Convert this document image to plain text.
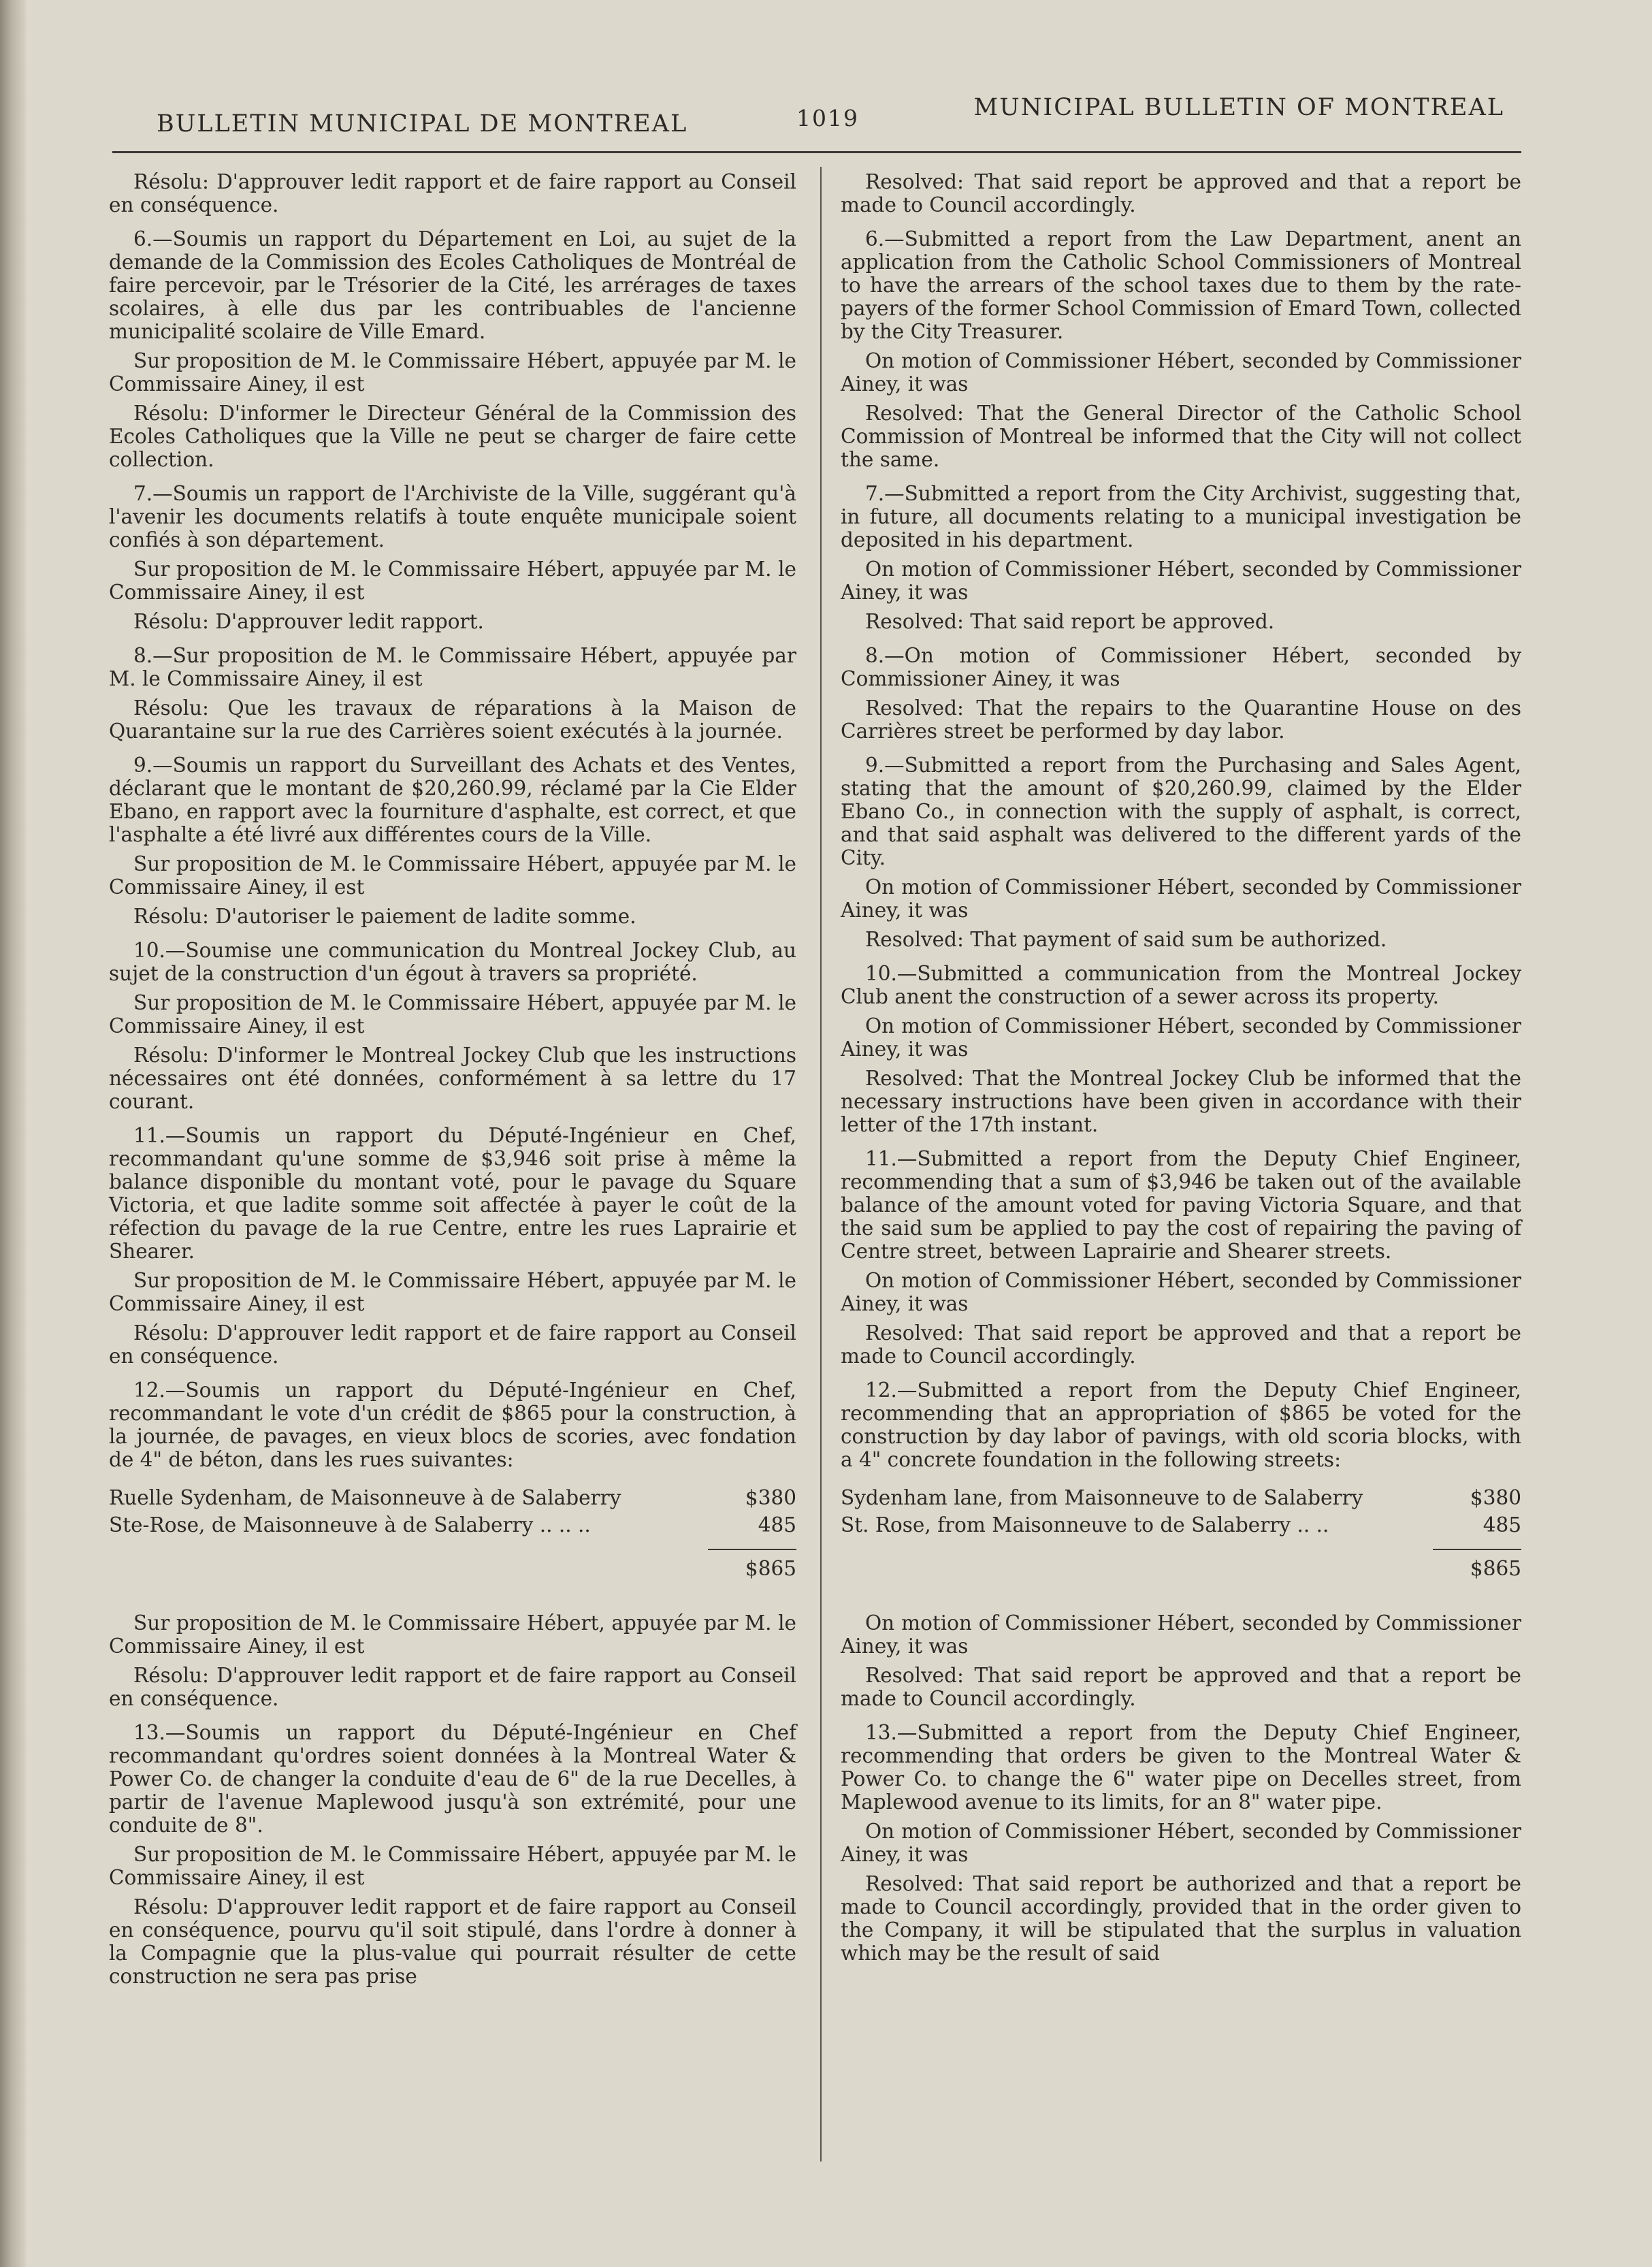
BULLETIN MUNICIPAL DE MONTREAL	1019	MUNICIPAL BULLETIN OF MONTREAL

Résolu: D'approuver ledit rapport et de faire rapport au Conseil en conséquence.

6.—Soumis un rapport du Département en Loi, au sujet de la demande de la Commission des Ecoles Catholiques de Montréal de faire percevoir, par le Trésorier de la Cité, les arrérages de taxes scolaires, à elle dus par les contribuables de l'ancienne municipalité scolaire de Ville Emard.

Sur proposition de M. le Commissaire Hébert, appuyée par M. le Commissaire Ainey, il est

Résolu: D'informer le Directeur Général de la Commission des Ecoles Catholiques que la Ville ne peut se charger de faire cette collection.

7.—Soumis un rapport de l'Archiviste de la Ville, suggérant qu'à l'avenir les documents relatifs à toute enquête municipale soient confiés à son département.

Sur proposition de M. le Commissaire Hébert, appuyée par M. le Commissaire Ainey, il est

Résolu: D'approuver ledit rapport.

8.—Sur proposition de M. le Commissaire Hébert, appuyée par M. le Commissaire Ainey, il est

Résolu: Que les travaux de réparations à la Maison de Quarantaine sur la rue des Carrières soient exécutés à la journée.

9.—Soumis un rapport du Surveillant des Achats et des Ventes, déclarant que le montant de $20,260.99, réclamé par la Cie Elder Ebano, en rapport avec la fourniture d'asphalte, est correct, et que l'asphalte a été livré aux différentes cours de la Ville.

Sur proposition de M. le Commissaire Hébert, appuyée par M. le Commissaire Ainey, il est

Résolu: D'autoriser le paiement de ladite somme.

10.—Soumise une communication du Montreal Jockey Club, au sujet de la construction d'un égout à travers sa propriété.

Sur proposition de M. le Commissaire Hébert, appuyée par M. le Commissaire Ainey, il est

Résolu: D'informer le Montreal Jockey Club que les instructions nécessaires ont été données, conformément à sa lettre du 17 courant.

11.—Soumis un rapport du Député-Ingénieur en Chef, recommandant qu'une somme de $3,946 soit prise à même la balance disponible du montant voté, pour le pavage du Square Victoria, et que ladite somme soit affectée à payer le coût de la réfection du pavage de la rue Centre, entre les rues Laprairie et Shearer.

Sur proposition de M. le Commissaire Hébert, appuyée par M. le Commissaire Ainey, il est

Résolu: D'approuver ledit rapport et de faire rapport au Conseil en conséquence.

12.—Soumis un rapport du Député-Ingénieur en Chef, recommandant le vote d'un crédit de $865 pour la construction, à la journée, de pavages, en vieux blocs de scories, avec fondation de 4" de béton, dans les rues suivantes:

Ruelle Sydenham, de Maisonneuve à de Salaberry	$380
Ste-Rose, de Maisonneuve à de Salaberry .. .. ..	485
$865

Sur proposition de M. le Commissaire Hébert, appuyée par M. le Commissaire Ainey, il est

Résolu: D'approuver ledit rapport et de faire rapport au Conseil en conséquence.

13.—Soumis un rapport du Député-Ingénieur en Chef recommandant qu'ordres soient données à la Montreal Water & Power Co. de changer la conduite d'eau de 6" de la rue Decelles, à partir de l'avenue Maplewood jusqu'à son extrémité, pour une conduite de 8".

Sur proposition de M. le Commissaire Hébert, appuyée par M. le Commissaire Ainey, il est

Résolu: D'approuver ledit rapport et de faire rapport au Conseil en conséquence, pourvu qu'il soit stipulé, dans l'ordre à donner à la Compagnie que la plus-value qui pourrait résulter de cette construction ne sera pas prise

Resolved: That said report be approved and that a report be made to Council accordingly.

6.—Submitted a report from the Law Department, anent an application from the Catholic School Commissioners of Montreal to have the arrears of the school taxes due to them by the rate-payers of the former School Commission of Emard Town, collected by the City Treasurer.

On motion of Commissioner Hébert, seconded by Commissioner Ainey, it was

Resolved: That the General Director of the Catholic School Commission of Montreal be informed that the City will not collect the same.

7.—Submitted a report from the City Archivist, suggesting that, in future, all documents relating to a municipal investigation be deposited in his department.

On motion of Commissioner Hébert, seconded by Commissioner Ainey, it was

Resolved: That said report be approved.

8.—On motion of Commissioner Hébert, seconded by Commissioner Ainey, it was

Resolved: That the repairs to the Quarantine House on des Carrières street be performed by day labor.

9.—Submitted a report from the Purchasing and Sales Agent, stating that the amount of $20,260.99, claimed by the Elder Ebano Co., in connection with the supply of asphalt, is correct, and that said asphalt was delivered to the different yards of the City.

On motion of Commissioner Hébert, seconded by Commissioner Ainey, it was

Resolved: That payment of said sum be authorized.

10.—Submitted a communication from the Montreal Jockey Club anent the construction of a sewer across its property.

On motion of Commissioner Hébert, seconded by Commissioner Ainey, it was

Resolved: That the Montreal Jockey Club be informed that the necessary instructions have been given in accordance with their letter of the 17th instant.

11.—Submitted a report from the Deputy Chief Engineer, recommending that a sum of $3,946 be taken out of the available balance of the amount voted for paving Victoria Square, and that the said sum be applied to pay the cost of repairing the paving of Centre street, between Laprairie and Shearer streets.

On motion of Commissioner Hébert, seconded by Commissioner Ainey, it was

Resolved: That said report be approved and that a report be made to Council accordingly.

12.—Submitted a report from the Deputy Chief Engineer, recommending that an appropriation of $865 be voted for the construction by day labor of pavings, with old scoria blocks, with a 4" concrete foundation in the following streets:

Sydenham lane, from Maisonneuve to de Salaberry	$380
St. Rose, from Maisonneuve to de Salaberry .. ..	485
$865

On motion of Commissioner Hébert, seconded by Commissioner Ainey, it was

Resolved: That said report be approved and that a report be made to Council accordingly.

13.—Submitted a report from the Deputy Chief Engineer, recommending that orders be given to the Montreal Water & Power Co. to change the 6" water pipe on Decelles street, from Maplewood avenue to its limits, for an 8" water pipe.

On motion of Commissioner Hébert, seconded by Commissioner Ainey, it was

Resolved: That said report be authorized and that a report be made to Council accordingly, provided that in the order given to the Company, it will be stipulated that the surplus in valuation which may be the result of said
